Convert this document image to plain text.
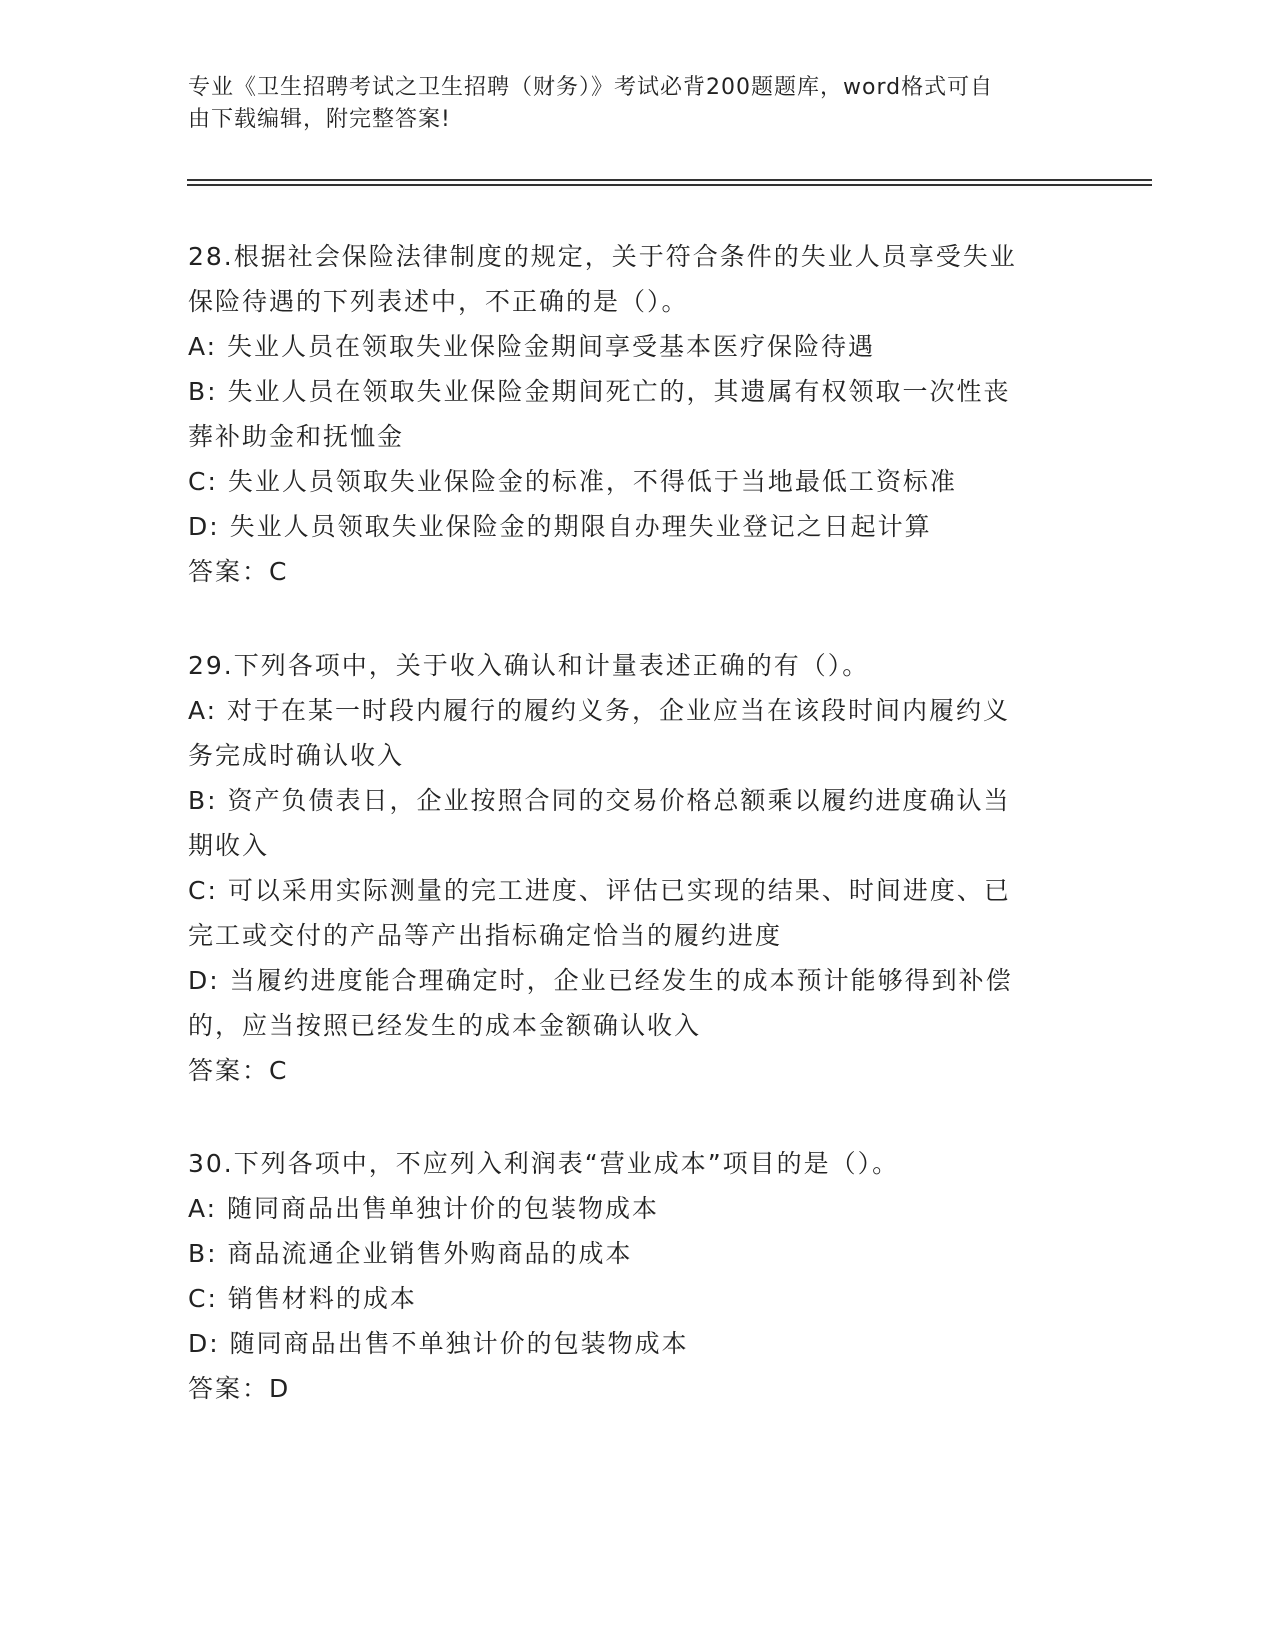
专业《卫生招聘考试之卫生招聘（财务）》考试必背200题题库，word格式可自
由下载编辑，附完整答案!
28.根据社会保险法律制度的规定，关于符合条件的失业人员享受失业
保险待遇的下列表述中，不正确的是（）。
A: 失业人员在领取失业保险金期间享受基本医疗保险待遇
B: 失业人员在领取失业保险金期间死亡的，其遗属有权领取一次性丧
葬补助金和抚恤金
C: 失业人员领取失业保险金的标准，不得低于当地最低工资标准
D: 失业人员领取失业保险金的期限自办理失业登记之日起计算
答案：C
29.下列各项中，关于收入确认和计量表述正确的有（）。
A: 对于在某一时段内履行的履约义务，企业应当在该段时间内履约义
务完成时确认收入
B: 资产负债表日，企业按照合同的交易价格总额乘以履约进度确认当
期收入
C: 可以采用实际测量的完工进度、评估已实现的结果、时间进度、已
完工或交付的产品等产出指标确定恰当的履约进度
D: 当履约进度能合理确定时，企业已经发生的成本预计能够得到补偿
的，应当按照已经发生的成本金额确认收入
答案：C
30.下列各项中，不应列入利润表“营业成本”项目的是（）。
A: 随同商品出售单独计价的包装物成本
B: 商品流通企业销售外购商品的成本
C: 销售材料的成本
D: 随同商品出售不单独计价的包装物成本
答案：D
